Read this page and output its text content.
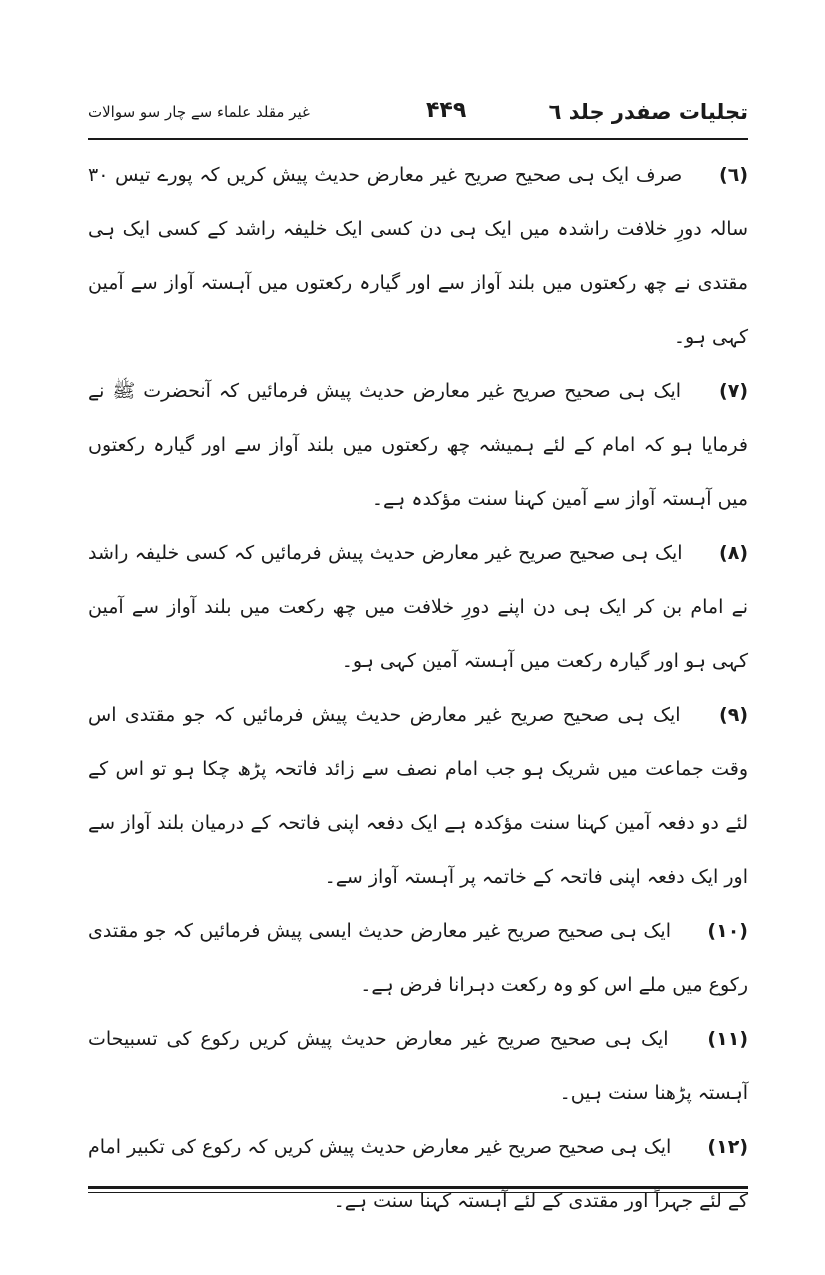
تجلیات صفدر جلد ٦
۴۴۹
غیر مقلد علماء سے چار سو سوالات

(٦) صرف ایک ہی صحیح صریح غیر معارض حدیث پیش کریں کہ پورے تیس ۳۰ سالہ دورِ خلافت راشدہ میں ایک ہی دن کسی ایک خلیفہ راشد کے کسی ایک ہی مقتدی نے چھ رکعتوں میں بلند آواز سے اور گیارہ رکعتوں میں آہستہ آواز سے آمین کہی ہو۔

(٧) ایک ہی صحیح صریح غیر معارض حدیث پیش فرمائیں کہ آنحضرت ﷺ نے فرمایا ہو کہ امام کے لئے ہمیشہ چھ رکعتوں میں بلند آواز سے اور گیارہ رکعتوں میں آہستہ آواز سے آمین کہنا سنت مؤکدہ ہے۔

(٨) ایک ہی صحیح صریح غیر معارض حدیث پیش فرمائیں کہ کسی خلیفہ راشد نے امام بن کر ایک ہی دن اپنے دورِ خلافت میں چھ رکعت میں بلند آواز سے آمین کہی ہو اور گیارہ رکعت میں آہستہ آمین کہی ہو۔

(٩) ایک ہی صحیح صریح غیر معارض حدیث پیش فرمائیں کہ جو مقتدی اس وقت جماعت میں شریک ہو جب امام نصف سے زائد فاتحہ پڑھ چکا ہو تو اس کے لئے دو دفعہ آمین کہنا سنت مؤکدہ ہے ایک دفعہ اپنی فاتحہ کے درمیان بلند آواز سے اور ایک دفعہ اپنی فاتحہ کے خاتمہ پر آہستہ آواز سے۔

(١٠) ایک ہی صحیح صریح غیر معارض حدیث ایسی پیش فرمائیں کہ جو مقتدی رکوع میں ملے اس کو وہ رکعت دہرانا فرض ہے۔

(١١) ایک ہی صحیح صریح غیر معارض حدیث پیش کریں رکوع کی تسبیحات آہستہ پڑھنا سنت ہیں۔

(١٢) ایک ہی صحیح صریح غیر معارض حدیث پیش کریں کہ رکوع کی تکبیر امام کے لئے جہراً اور مقتدی کے لئے آہستہ کہنا سنت ہے۔
